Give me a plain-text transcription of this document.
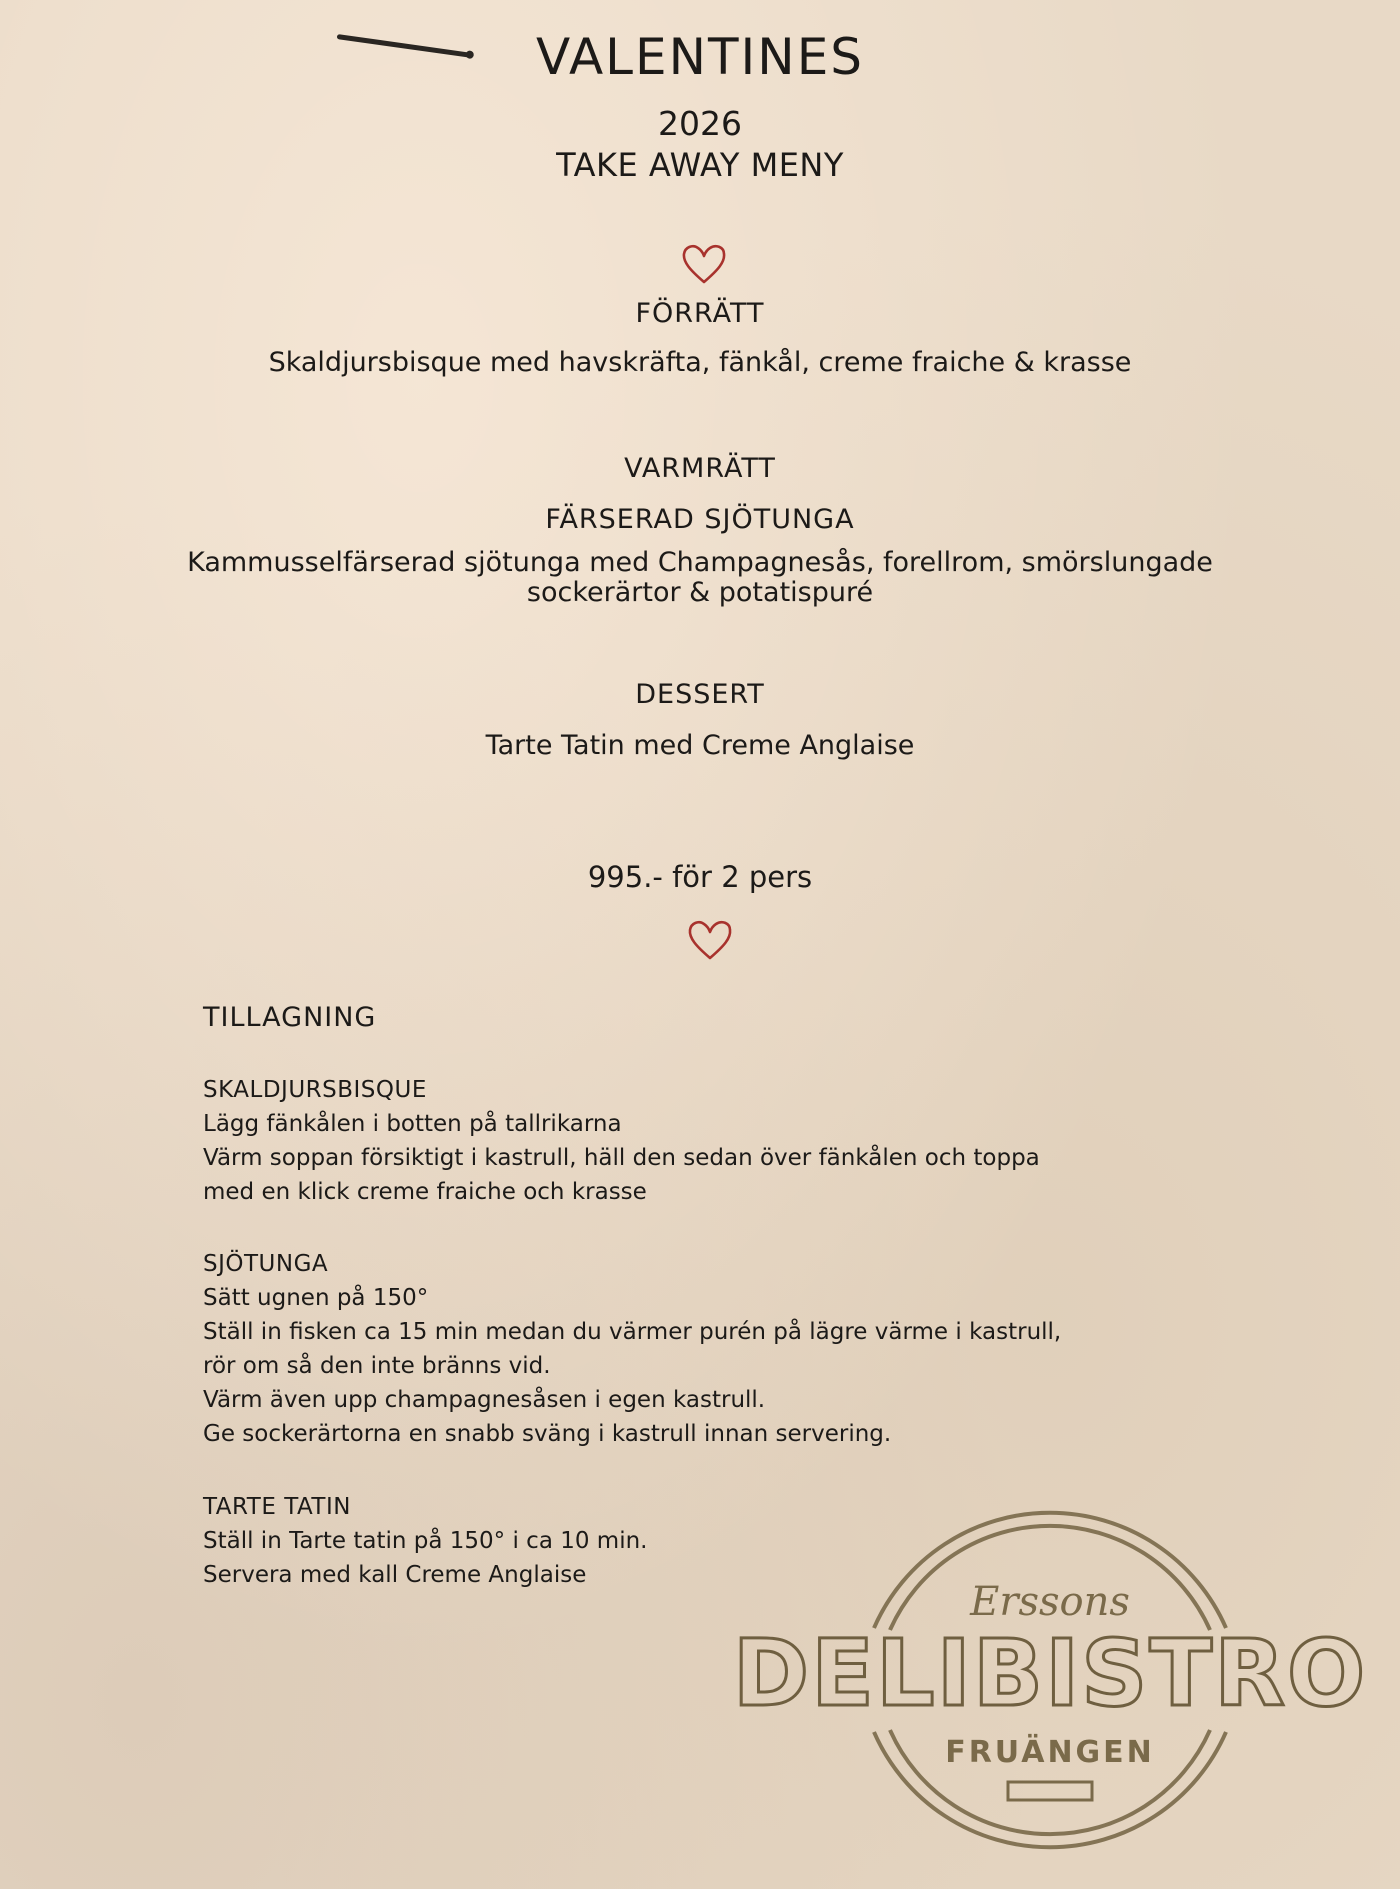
VALENTINES
2026
TAKE AWAY MENY
FÖRRÄTT
Skaldjursbisque med havskräfta, fänkål, creme fraiche & krasse
VARMRÄTT
FÄRSERAD SJÖTUNGA
Kammusselfärserad sjötunga med Champagnesås, forellrom, smörslungade
sockerärtor & potatispuré
DESSERT
Tarte Tatin med Creme Anglaise
995.- för 2 pers
TILLAGNING
SKALDJURSBISQUE
Lägg fänkålen i botten på tallrikarna
Värm soppan försiktigt i kastrull, häll den sedan över fänkålen och toppa
med en klick creme fraiche och krasse
SJÖTUNGA
Sätt ugnen på 150°
Ställ in fisken ca 15 min medan du värmer purén på lägre värme i kastrull,
rör om så den inte bränns vid.
Värm även upp champagnesåsen i egen kastrull.
Ge sockerärtorna en snabb sväng i kastrull innan servering.
TARTE TATIN
Ställ in Tarte tatin på 150° i ca 10 min.
Servera med kall Creme Anglaise
Erssons
DELIBISTRO
FRUÄNGEN
